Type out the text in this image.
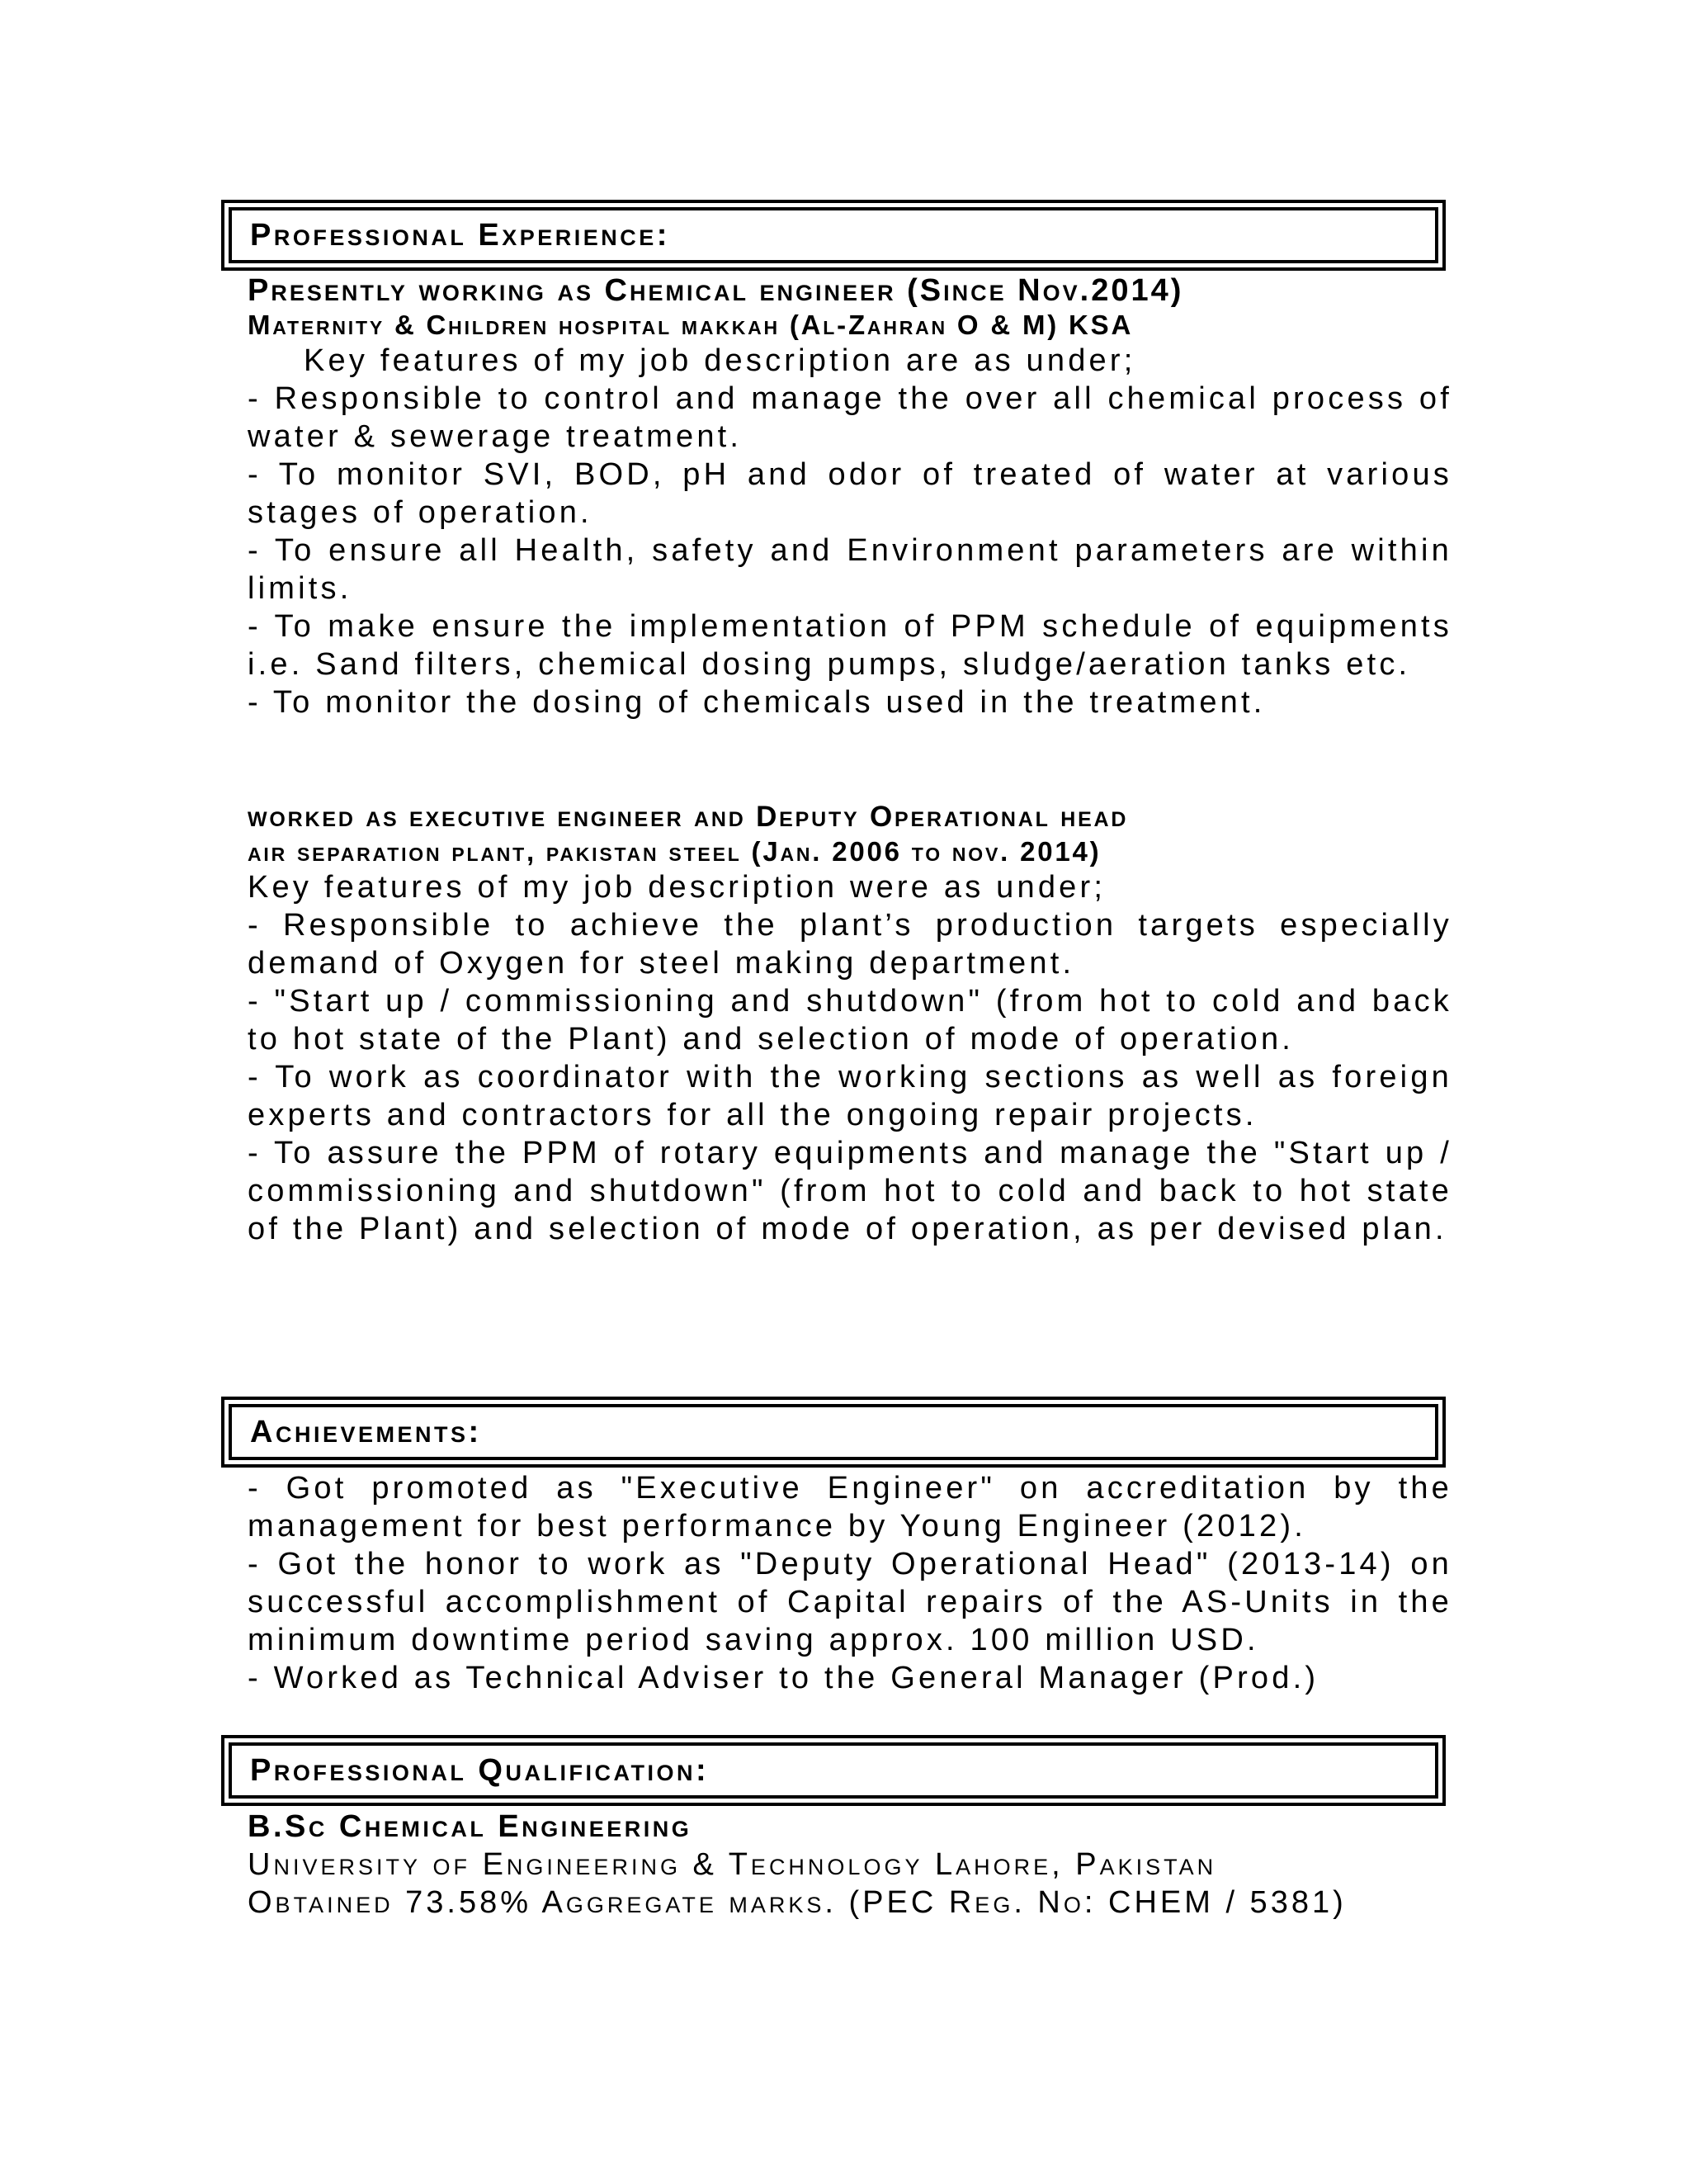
Professional Experience:

Presently working as Chemical engineer (Since Nov.2014)

Maternity & Children hospital makkah (Al-Zahran O & M) KSA

Key features of my job description are as under;

- Responsible to control and manage the over all chemical process of water & sewerage treatment.

- To monitor SVI, BOD, pH and odor of treated of water at various stages of operation.

- To ensure all Health, safety and Environment parameters are within limits.

- To make ensure the implementation of PPM schedule of equipments i.e. Sand filters, chemical dosing pumps, sludge/aeration tanks etc.

- To monitor the dosing of chemicals used in the treatment.

worked as executive engineer and Deputy Operational head

air separation plant, pakistan steel (Jan. 2006 to nov. 2014)

Key features of my job description were as under;

- Responsible to achieve the plant’s production targets especially demand of Oxygen for steel making department.

- "Start up / commissioning and shutdown" (from hot to cold and back to hot state of the Plant) and selection of mode of operation.

- To work as coordinator with the working sections as well as foreign experts and contractors for all the ongoing repair projects.

- To assure the PPM of rotary equipments and manage the "Start up / commissioning and shutdown" (from hot to cold and back to hot state of the Plant) and selection of mode of operation, as per devised plan.

Achievements:

- Got promoted as "Executive Engineer" on accreditation by the management for best performance by Young Engineer (2012).

- Got the honor to work as "Deputy Operational Head" (2013-14) on successful accomplishment of Capital repairs of the AS-Units in the minimum downtime period saving approx. 100 million USD.

- Worked as Technical Adviser to the General Manager (Prod.)

Professional Qualification:

B.Sc Chemical Engineering

University of Engineering & Technology Lahore, Pakistan

Obtained 73.58% Aggregate marks. (PEC Reg. No: CHEM / 5381)
